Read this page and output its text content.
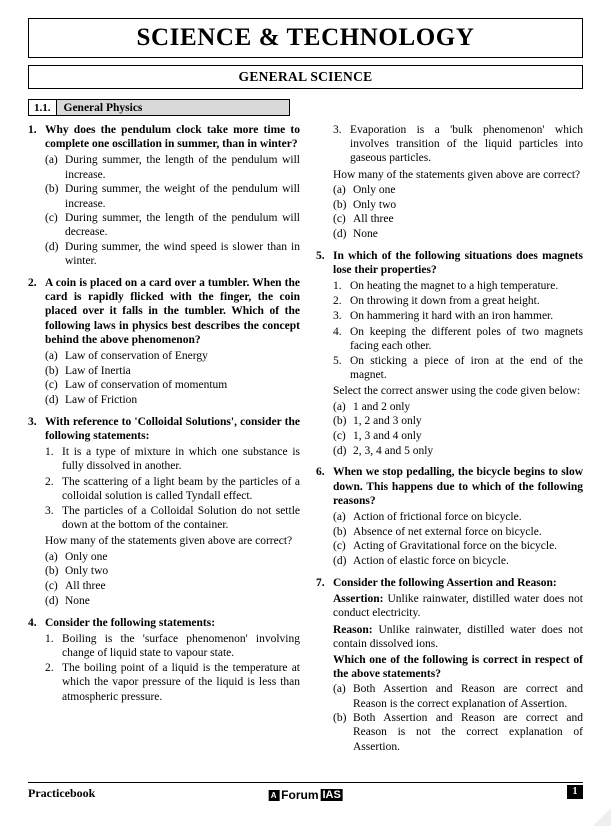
SCIENCE & TECHNOLOGY
GENERAL SCIENCE
1.1.	General Physics
1. Why does the pendulum clock take more time to complete one oscillation in summer, than in winter?
(a) During summer, the length of the pendulum will increase.
(b) During summer, the weight of the pendulum will increase.
(c) During summer, the length of the pendulum will decrease.
(d) During summer, the wind speed is slower than in winter.
2. A coin is placed on a card over a tumbler. When the card is rapidly flicked with the finger, the coin placed over it falls in the tumbler. Which of the following laws in physics best describes the concept behind the above phenomenon?
(a) Law of conservation of Energy
(b) Law of Inertia
(c) Law of conservation of momentum
(d) Law of Friction
3. With reference to 'Colloidal Solutions', consider the following statements:
1. It is a type of mixture in which one substance is fully dissolved in another.
2. The scattering of a light beam by the particles of a colloidal solution is called Tyndall effect.
3. The particles of a Colloidal Solution do not settle down at the bottom of the container.
How many of the statements given above are correct?
(a) Only one
(b) Only two
(c) All three
(d) None
4. Consider the following statements:
1. Boiling is the 'surface phenomenon' involving change of liquid state to vapour state.
2. The boiling point of a liquid is the temperature at which the vapor pressure of the liquid is less than atmospheric pressure.
3. Evaporation is a 'bulk phenomenon' which involves transition of the liquid particles into gaseous particles.
How many of the statements given above are correct?
(a) Only one
(b) Only two
(c) All three
(d) None
5. In which of the following situations does magnets lose their properties?
1. On heating the magnet to a high temperature.
2. On throwing it down from a great height.
3. On hammering it hard with an iron hammer.
4. On keeping the different poles of two magnets facing each other.
5. On sticking a piece of iron at the end of the magnet.
Select the correct answer using the code given below:
(a) 1 and 2 only
(b) 1, 2 and 3 only
(c) 1, 3 and 4 only
(d) 2, 3, 4 and 5 only
6. When we stop pedalling, the bicycle begins to slow down. This happens due to which of the following reasons?
(a) Action of frictional force on bicycle.
(b) Absence of net external force on bicycle.
(c) Acting of Gravitational force on the bicycle.
(d) Action of elastic force on bicycle.
7. Consider the following Assertion and Reason:
Assertion: Unlike rainwater, distilled water does not conduct electricity.
Reason: Unlike rainwater, distilled water does not contain dissolved ions.
Which one of the following is correct in respect of the above statements?
(a) Both Assertion and Reason are correct and Reason is the correct explanation of Assertion.
(b) Both Assertion and Reason are correct and Reason is not the correct explanation of Assertion.
Practicebook	A Forum IAS	1
